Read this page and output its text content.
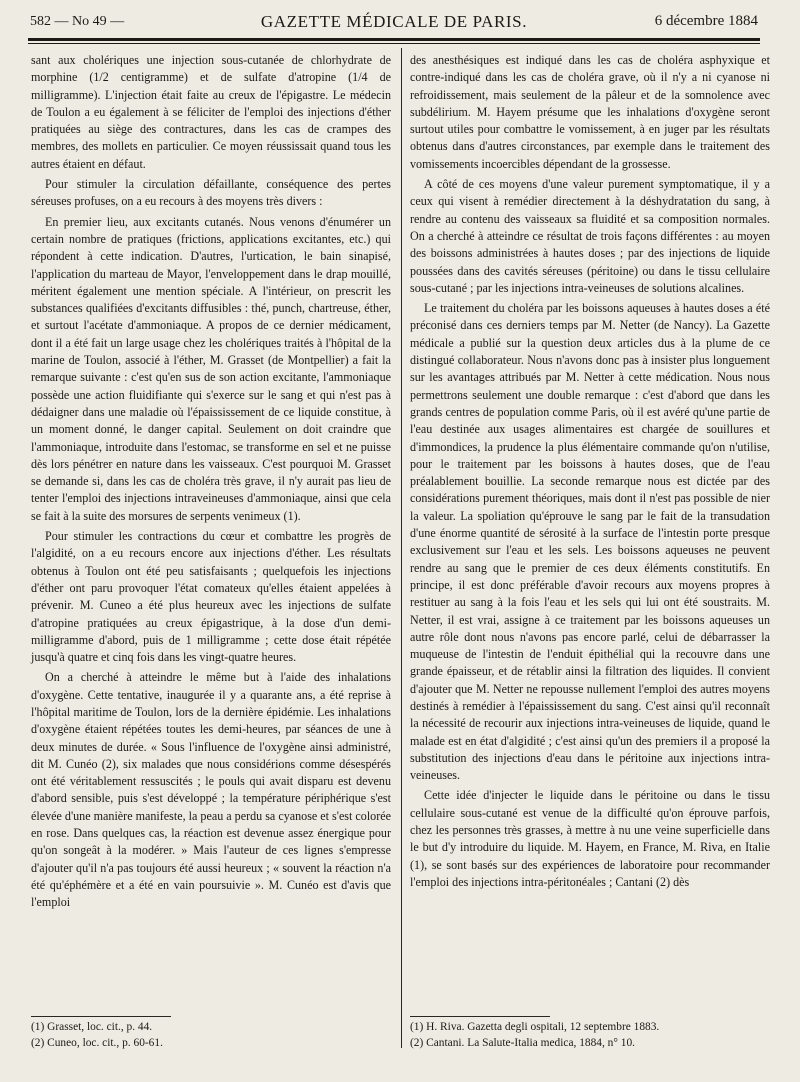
582 — No 49 —	GAZETTE MÉDICALE DE PARIS.	6 décembre 1884

sant aux cholériques une injection sous-cutanée de chlorhydrate de morphine (1/2 centigramme) et de sulfate d'atropine (1/4 de milligramme). L'injection était faite au creux de l'épigastre. Le médecin de Toulon a eu également à se féliciter de l'emploi des injections d'éther pratiquées au siège des contractures, dans les cas de crampes des membres, des mollets en particulier. Ce moyen réussissait quand tous les autres étaient en défaut.

Pour stimuler la circulation défaillante, conséquence des pertes séreuses profuses, on a eu recours à des moyens très divers :

En premier lieu, aux excitants cutanés. Nous venons d'énumérer un certain nombre de pratiques (frictions, applications excitantes, etc.) qui répondent à cette indication. D'autres, l'urtication, le bain sinapisé, l'application du marteau de Mayor, l'enveloppement dans le drap mouillé, méritent également une mention spéciale. A l'intérieur, on prescrit les substances qualifiées d'excitants diffusibles : thé, punch, chartreuse, éther, et surtout l'acétate d'ammoniaque. A propos de ce dernier médicament, dont il a été fait un large usage chez les cholériques traités à l'hôpital de la marine de Toulon, associé à l'éther, M. Grasset (de Montpellier) a fait la remarque suivante : c'est qu'en sus de son action excitante, l'ammoniaque possède une action fluidifiante qui s'exerce sur le sang et qui n'est pas à dédaigner dans une maladie où l'épaississement de ce liquide constitue, à un moment donné, le danger capital. Seulement on doit craindre que l'ammoniaque, introduite dans l'estomac, se transforme en sel et ne puisse dès lors pénétrer en nature dans les vaisseaux. C'est pourquoi M. Grasset se demande si, dans les cas de choléra très grave, il n'y aurait pas lieu de tenter l'emploi des injections intraveineuses d'ammoniaque, ainsi que cela se fait à la suite des morsures de serpents venimeux (1).

Pour stimuler les contractions du cœur et combattre les progrès de l'algidité, on a eu recours encore aux injections d'éther. Les résultats obtenus à Toulon ont été peu satisfaisants ; quelquefois les injections d'éther ont paru provoquer l'état comateux qu'elles étaient appelées à prévenir. M. Cuneo a été plus heureux avec les injections de sulfate d'atropine pratiquées au creux épigastrique, à la dose d'un demi-milligramme d'abord, puis de 1 milligramme ; cette dose était répétée jusqu'à quatre et cinq fois dans les vingt-quatre heures.

On a cherché à atteindre le même but à l'aide des inhalations d'oxygène. Cette tentative, inaugurée il y a quarante ans, a été reprise à l'hôpital maritime de Toulon, lors de la dernière épidémie. Les inhalations d'oxygène étaient répétées toutes les demi-heures, par séances de une à deux minutes de durée. « Sous l'influence de l'oxygène ainsi administré, dit M. Cunéo (2), six malades que nous considérions comme désespérés ont été véritablement ressuscités ; le pouls qui avait disparu est devenu d'abord sensible, puis s'est développé ; la température périphérique s'est élevée d'une manière manifeste, la peau a perdu sa cyanose et s'est colorée en rose. Dans quelques cas, la réaction est devenue assez énergique pour qu'on songeât à la modérer. » Mais l'auteur de ces lignes s'empresse d'ajouter qu'il n'a pas toujours été aussi heureux ; « souvent la réaction n'a été qu'éphémère et a été en vain poursuivie ». M. Cunéo est d'avis que l'emploi

des anesthésiques est indiqué dans les cas de choléra asphyxique et contre-indiqué dans les cas de choléra grave, où il n'y a ni cyanose ni refroidissement, mais seulement de la pâleur et de la somnolence avec subdélirium. M. Hayem présume que les inhalations d'oxygène seront surtout utiles pour combattre le vomissement, à en juger par les résultats obtenus dans d'autres circonstances, par exemple dans le traitement des vomissements incoercibles dépendant de la grossesse.

A côté de ces moyens d'une valeur purement symptomatique, il y a ceux qui visent à remédier directement à la déshydratation du sang, à rendre au contenu des vaisseaux sa fluidité et sa composition normales. On a cherché à atteindre ce résultat de trois façons différentes : au moyen des boissons administrées à hautes doses ; par des injections de liquide poussées dans des cavités séreuses (péritoine) ou dans le tissu cellulaire sous-cutané ; par les injections intra-veineuses de solutions alcalines.

Le traitement du choléra par les boissons aqueuses à hautes doses a été préconisé dans ces derniers temps par M. Netter (de Nancy). La Gazette médicale a publié sur la question deux articles dus à la plume de ce distingué collaborateur. Nous n'avons donc pas à insister plus longuement sur les avantages attribués par M. Netter à cette médication. Nous nous permettrons seulement une double remarque : c'est d'abord que dans les grands centres de population comme Paris, où il est avéré qu'une partie de l'eau destinée aux usages alimentaires est chargée de souillures et d'immondices, la prudence la plus élémentaire commande qu'on n'utilise, pour le traitement par les boissons à hautes doses, que de l'eau préalablement bouillie. La seconde remarque nous est dictée par des considérations purement théoriques, mais dont il n'est pas possible de nier la valeur. La spoliation qu'éprouve le sang par le fait de la transudation d'une énorme quantité de sérosité à la surface de l'intestin porte presque exclusivement sur l'eau et les sels. Les boissons aqueuses ne peuvent rendre au sang que le premier de ces deux éléments constitutifs. En principe, il est donc préférable d'avoir recours aux moyens propres à restituer au sang à la fois l'eau et les sels qui lui ont été soustraits. M. Netter, il est vrai, assigne à ce traitement par les boissons aqueuses un autre rôle dont nous n'avons pas encore parlé, celui de débarrasser la muqueuse de l'intestin de l'enduit épithélial qui la recouvre dans une grande épaisseur, et de rétablir ainsi la filtration des liquides. Il convient d'ajouter que M. Netter ne repousse nullement l'emploi des autres moyens destinés à remédier à l'épaississement du sang. C'est ainsi qu'il reconnaît la nécessité de recourir aux injections intra-veineuses de liquide, quand le malade est en état d'algidité ; c'est ainsi qu'un des premiers il a proposé la substitution des injections d'eau dans le péritoine aux injections intra-veineuses.

Cette idée d'injecter le liquide dans le péritoine ou dans le tissu cellulaire sous-cutané est venue de la difficulté qu'on éprouve parfois, chez les personnes très grasses, à mettre à nu une veine superficielle dans le but d'y introduire du liquide. M. Hayem, en France, M. Riva, en Italie (1), se sont basés sur des expériences de laboratoire pour recommander l'emploi des injections intra-péritonéales ; Cantani (2) dès

(1) Grasset, loc. cit., p. 44.
(2) Cuneo, loc. cit., p. 60-61.
(1) H. Riva. Gazetta degli ospitali, 12 septembre 1883.
(2) Cantani. La Salute-Italia medica, 1884, n° 10.
